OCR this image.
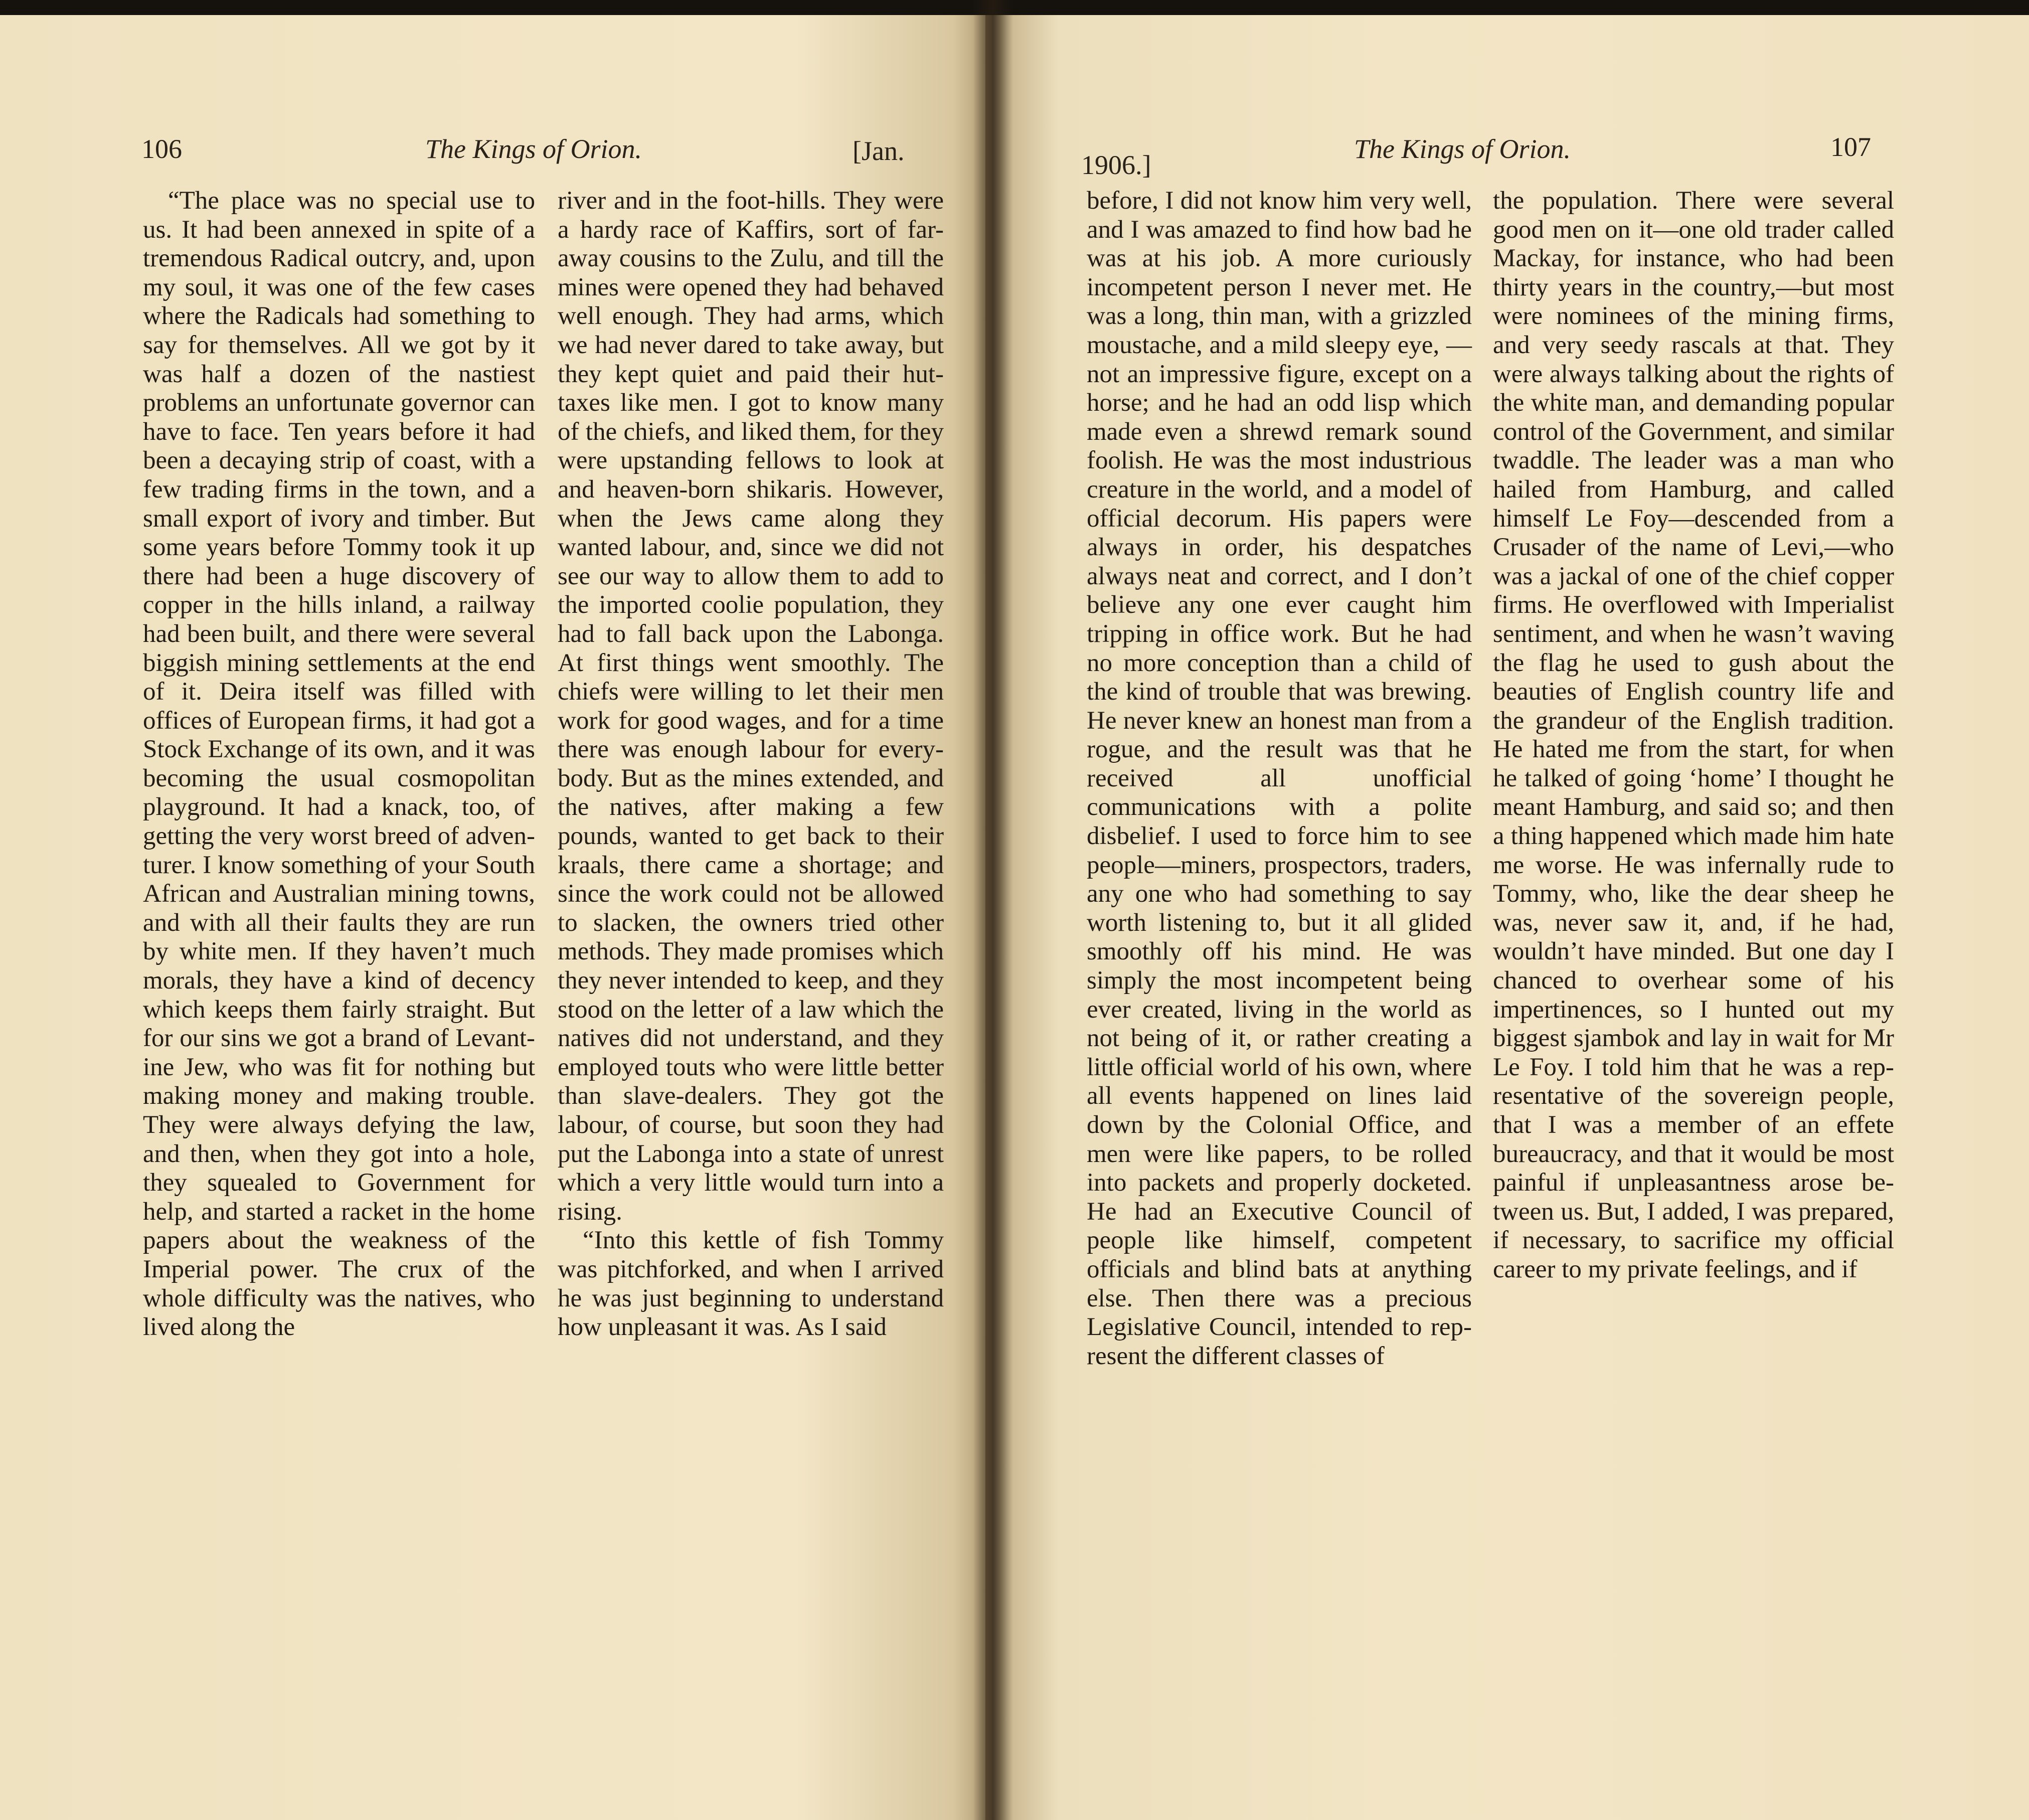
106	The Kings of Orion.	[Jan.

“The place was no special use to us. It had been annexed in spite of a tremendous Radical outcry, and, upon my soul, it was one of the few cases where the Radicals had something to say for themselves. All we got by it was half a dozen of the nastiest problems an unfortunate governor can have to face. Ten years before it had been a decaying strip of coast, with a few trading firms in the town, and a small export of ivory and timber. But some years before Tommy took it up there had been a huge discovery of copper in the hills inland, a railway had been built, and there were several biggish mining settlements at the end of it. Deira itself was filled with offices of European firms, it had got a Stock Exchange of its own, and it was becoming the usual cosmopolitan playground. It had a knack, too, of getting the very worst breed of adventurer. I know something of your South African and Australian mining towns, and with all their faults they are run by white men. If they haven’t much morals, they have a kind of decency which keeps them fairly straight. But for our sins we got a brand of Levantine Jew, who was fit for nothing but making money and making trouble. They were always defying the law, and then, when they got into a hole, they squealed to Government for help, and started a racket in the home papers about the weakness of the Imperial power. The crux of the whole difficulty was the natives, who lived along the

river and in the foot-hills. They were a hardy race of Kaffirs, sort of far-away cousins to the Zulu, and till the mines were opened they had behaved well enough. They had arms, which we had never dared to take away, but they kept quiet and paid their hut-taxes like men. I got to know many of the chiefs, and liked them, for they were upstanding fellows to look at and heaven-born shikaris. However, when the Jews came along they wanted labour, and, since we did not see our way to allow them to add to the imported coolie population, they had to fall back upon the Labonga. At first things went smoothly. The chiefs were willing to let their men work for good wages, and for a time there was enough labour for everybody. But as the mines extended, and the natives, after making a few pounds, wanted to get back to their kraals, there came a shortage; and since the work could not be allowed to slacken, the owners tried other methods. They made promises which they never intended to keep, and they stood on the letter of a law which the natives did not understand, and they employed touts who were little better than slave-dealers. They got the labour, of course, but soon they had put the Labonga into a state of unrest which a very little would turn into a rising.

“Into this kettle of fish Tommy was pitchforked, and when I arrived he was just beginning to understand how unpleasant it was. As I said

1906.]
The Kings of Orion.	107

before, I did not know him very well, and I was amazed to find how bad he was at his job. A more curiously incompetent person I never met. He was a long, thin man, with a grizzled moustache, and a mild sleepy eye, —not an impressive figure, except on a horse; and he had an odd lisp which made even a shrewd remark sound foolish. He was the most industrious creature in the world, and a model of official decorum. His papers were always in order, his despatches always neat and correct, and I don’t believe any one ever caught him tripping in office work. But he had no more conception than a child of the kind of trouble that was brewing. He never knew an honest man from a rogue, and the result was that he received all unofficial communications with a polite disbelief. I used to force him to see people—miners, prospectors, traders, any one who had something to say worth listening to, but it all glided smoothly off his mind. He was simply the most incompetent being ever created, living in the world as not being of it, or rather creating a little official world of his own, where all events happened on lines laid down by the Colonial Office, and men were like papers, to be rolled into packets and properly docketed. He had an Executive Council of people like himself, competent officials and blind bats at anything else. Then there was a precious Legislative Council, intended to represent the different classes of

the population. There were several good men on it—one old trader called Mackay, for instance, who had been thirty years in the country,—but most were nominees of the mining firms, and very seedy rascals at that. They were always talking about the rights of the white man, and demanding popular control of the Government, and similar twaddle. The leader was a man who hailed from Hamburg, and called himself Le Foy—descended from a Crusader of the name of Levi,—who was a jackal of one of the chief copper firms. He overflowed with Imperialist sentiment, and when he wasn’t waving the flag he used to gush about the beauties of English country life and the grandeur of the English tradition. He hated me from the start, for when he talked of going ‘home’ I thought he meant Hamburg, and said so; and then a thing happened which made him hate me worse. He was infernally rude to Tommy, who, like the dear sheep he was, never saw it, and, if he had, wouldn’t have minded. But one day I chanced to overhear some of his impertinences, so I hunted out my biggest sjambok and lay in wait for Mr Le Foy. I told him that he was a representative of the sovereign people, that I was a member of an effete bureaucracy, and that it would be most painful if unpleasantness arose between us. But, I added, I was prepared, if necessary, to sacrifice my official career to my private feelings, and if
